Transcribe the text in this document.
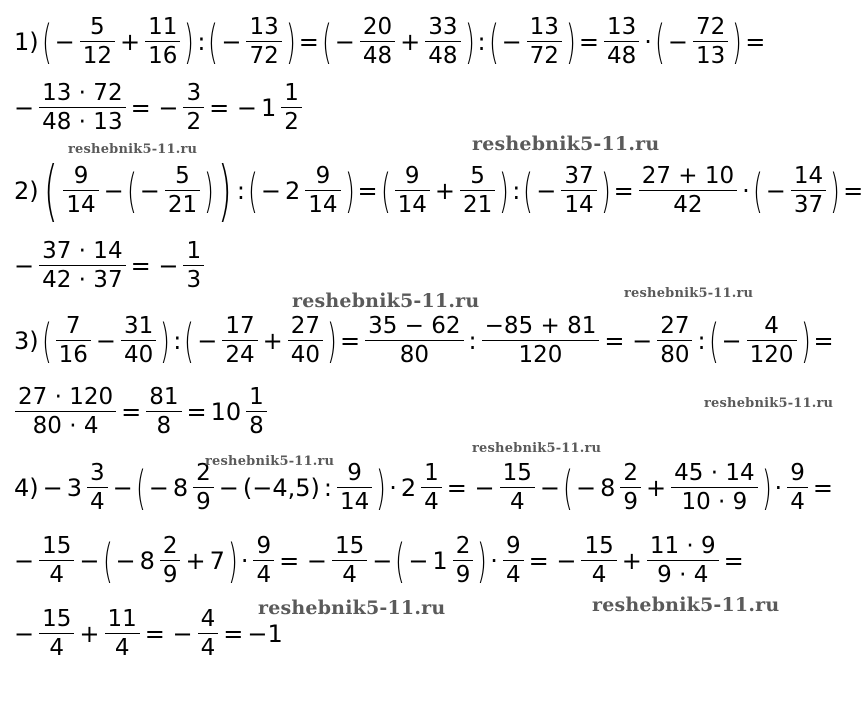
1) ( − $\frac{5}{12} + \frac{11}{16}$ ) : ( − $\frac{13}{72}$ ) = ( − $\frac{20}{48} + \frac{33}{48}$ ) : ( − $\frac{13}{72}$ ) = $\frac{13}{48}$ · ( − $\frac{72}{13}$ ) =
− $\frac{13 \cdot 72}{48 \cdot 13}$ = − $\frac{3}{2}$ = − $1 \frac{1}{2}$
2) ( $\frac{9}{14}$ − ( − $\frac{5}{21}$ ) ) : ( − $2 \frac{9}{14}$ ) = ( $\frac{9}{14} + \frac{5}{21}$ ) : ( − $\frac{37}{14}$ ) = $\frac{27 + 10}{42}$ · ( − $\frac{14}{37}$ ) =
− $\frac{37 \cdot 14}{42 \cdot 37}$ = − $\frac{1}{3}$
3) ( $\frac{7}{16} - \frac{31}{40}$ ) : ( − $\frac{17}{24} + \frac{27}{40}$ ) = $\frac{35 - 62}{80}$ : $\frac{-85 + 81}{120}$ = − $\frac{27}{80}$ : ( − $\frac{4}{120}$ ) =
$\frac{27 \cdot 120}{80 \cdot 4} = \frac{81}{8} = 10 \frac{1}{8}$
$4) - 3 \frac{3}{4}$ − ( − $8 \frac{2}{9} - (-4,5)$ : $\frac{9}{14}$ ) · $2 \frac{1}{4}$ = − $\frac{15}{4}$ − ( − $8 \frac{2}{9} + \frac{45 \cdot 14}{10 \cdot 9}$ ) · $\frac{9}{4}$ =
− $\frac{15}{4}$ − ( − $8 \frac{2}{9} + 7$ ) · $\frac{9}{4}$ = − $\frac{15}{4}$ − ( − $1 \frac{2}{9}$ ) · $\frac{9}{4}$ = − $\frac{15}{4} + \frac{11 \cdot 9}{9 \cdot 4}$ =
− $\frac{15}{4} + \frac{11}{4}$ = − $\frac{4}{4} = -1$
reshebnik5-11.ru
reshebnik5-11.ru
reshebnik5-11.ru	reshebnik5-11.ru
reshebnik5-11.ru
reshebnik5-11.ru
reshebnik5-11.ru
reshebnik5-11.ru	reshebnik5-11.ru
